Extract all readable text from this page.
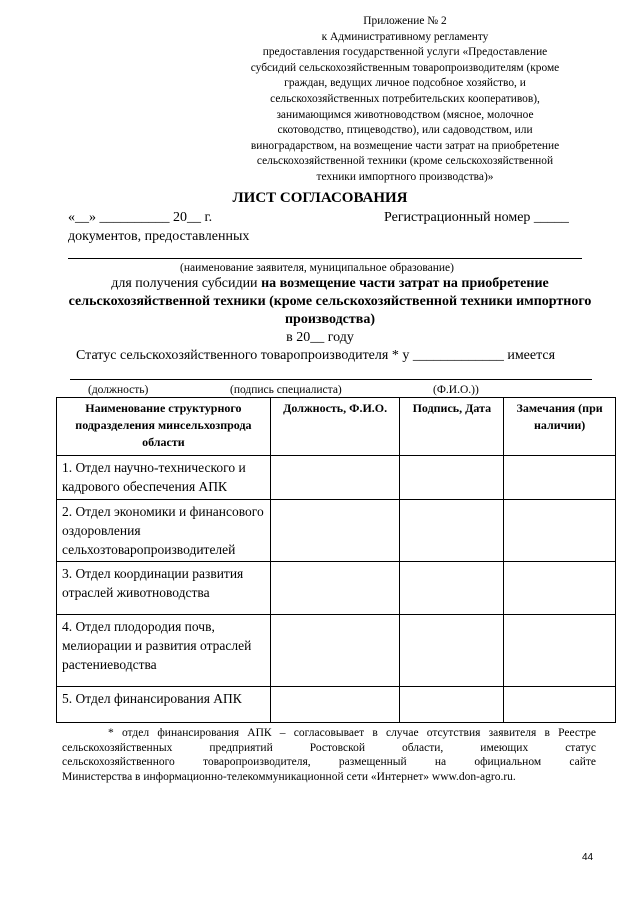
Приложение № 2
к Административному регламенту
предоставления государственной услуги «Предоставление
субсидий сельскохозяйственным товаропроизводителям (кроме
граждан, ведущих личное подсобное хозяйство, и
сельскохозяйственных потребительских кооперативов),
занимающимся животноводством (мясное, молочное
скотоводство, птицеводство), или садоводством, или
виноградарством, на возмещение части затрат на приобретение
сельскохозяйственной техники (кроме сельскохозяйственной
техники импортного производства)»
ЛИСТ СОГЛАСОВАНИЯ
«__» __________ 20__ г.	Регистрационный номер _____
документов, предоставленных
(наименование заявителя, муниципальное образование)
для получения субсидии на возмещение части затрат на приобретение сельскохозяйственной техники (кроме сельскохозяйственной техники импортного производства)
в 20__ году
Статус сельскохозяйственного товаропроизводителя * у _____________ имеется
(должность)	(подпись специалиста)	(Ф.И.О.))
Наименование структурного подразделения минсельхозпрода области	Должность, Ф.И.О.	Подпись, Дата	Замечания (при наличии)
1. Отдел научно-технического и кадрового обеспечения АПК			
2. Отдел экономики и финансового оздоровления сельхозтоваропроизводителей			
3. Отдел координации развития отраслей животноводства			
4. Отдел плодородия почв, мелиорации и развития отраслей растениеводства			
5. Отдел финансирования АПК			
* отдел финансирования АПК – согласовывает в случае отсутствия заявителя в Реестре
сельскохозяйственных предприятий Ростовской области, имеющих статус
сельскохозяйственного товаропроизводителя, размещенный на официальном сайте
Министерства в информационно-телекоммуникационной сети «Интернет» www.don-agro.ru.
44
